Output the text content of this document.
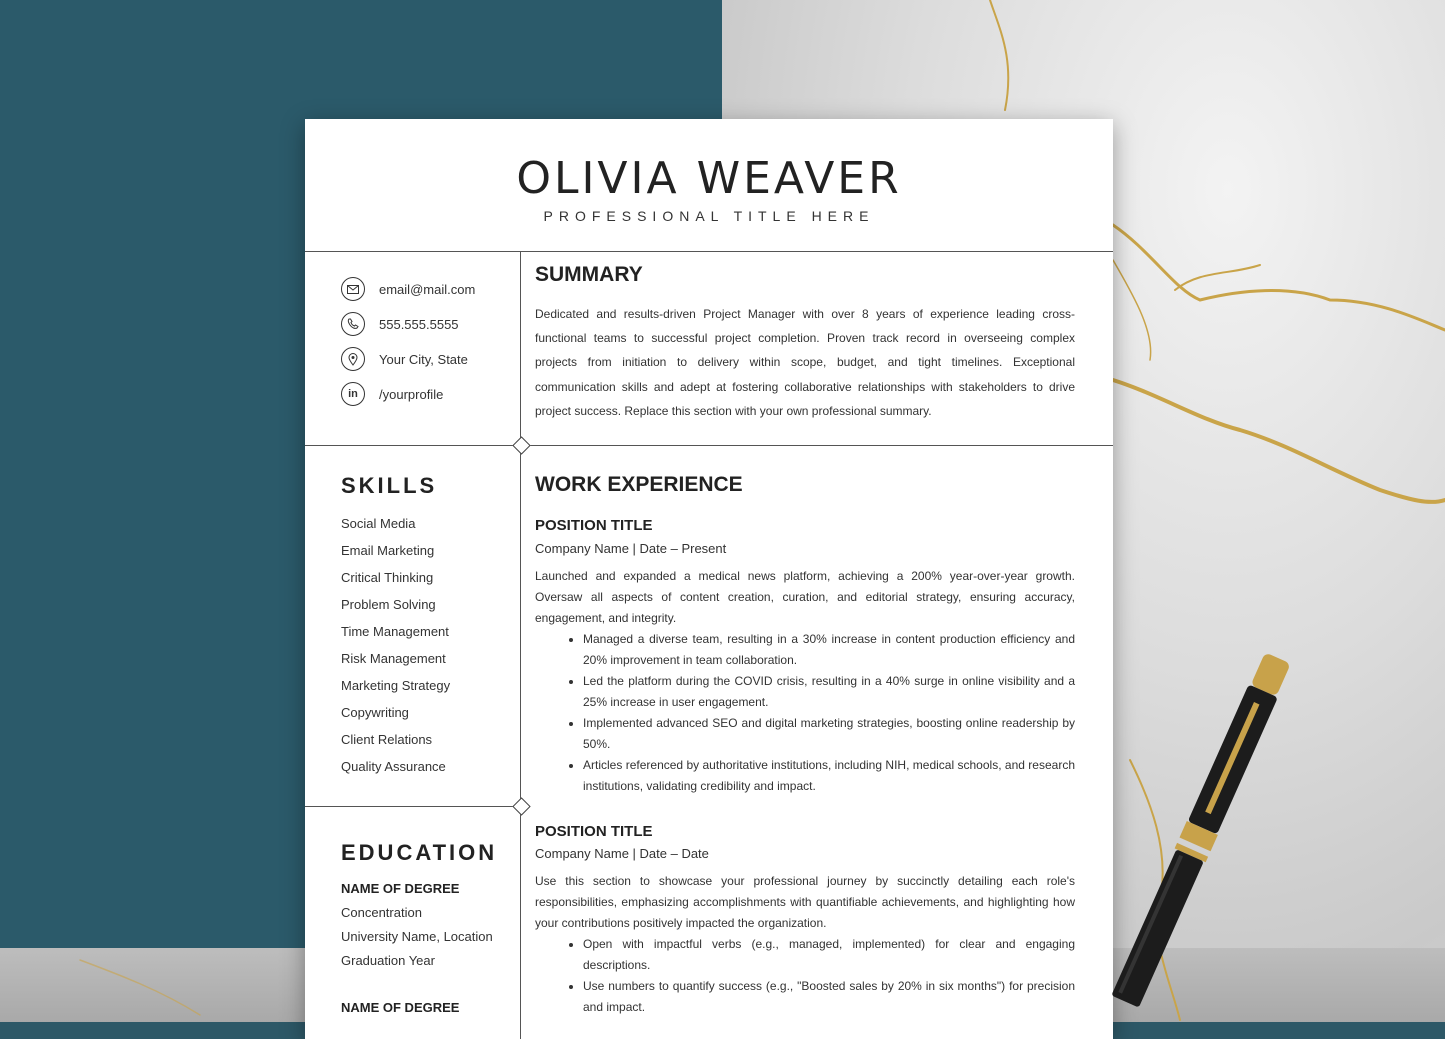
OLIVIA WEAVER
PROFESSIONAL TITLE HERE
email@mail.com
555.555.5555
Your City, State
in /yourprofile
SUMMARY
Dedicated and results-driven Project Manager with over 8 years of experience leading cross-functional teams to successful project completion. Proven track record in overseeing complex projects from initiation to delivery within scope, budget, and tight timelines. Exceptional communication skills and adept at fostering collaborative relationships with stakeholders to drive project success. Replace this section with your own professional summary.
SKILLS
Social Media
Email Marketing
Critical Thinking
Problem Solving
Time Management
Risk Management
Marketing Strategy
Copywriting
Client Relations
Quality Assurance
EDUCATION
NAME OF DEGREE
Concentration
University Name, Location
Graduation Year
NAME OF DEGREE
WORK EXPERIENCE
POSITION TITLE
Company Name | Date – Present
Launched and expanded a medical news platform, achieving a 200% year-over-year growth. Oversaw all aspects of content creation, curation, and editorial strategy, ensuring accuracy, engagement, and integrity.
• Managed a diverse team, resulting in a 30% increase in content production efficiency and 20% improvement in team collaboration.
• Led the platform during the COVID crisis, resulting in a 40% surge in online visibility and a 25% increase in user engagement.
• Implemented advanced SEO and digital marketing strategies, boosting online readership by 50%.
• Articles referenced by authoritative institutions, including NIH, medical schools, and research institutions, validating credibility and impact.
POSITION TITLE
Company Name | Date – Date
Use this section to showcase your professional journey by succinctly detailing each role's responsibilities, emphasizing accomplishments with quantifiable achievements, and highlighting how your contributions positively impacted the organization.
• Open with impactful verbs (e.g., managed, implemented) for clear and engaging descriptions.
• Use numbers to quantify success (e.g., "Boosted sales by 20% in six months") for precision and impact.
